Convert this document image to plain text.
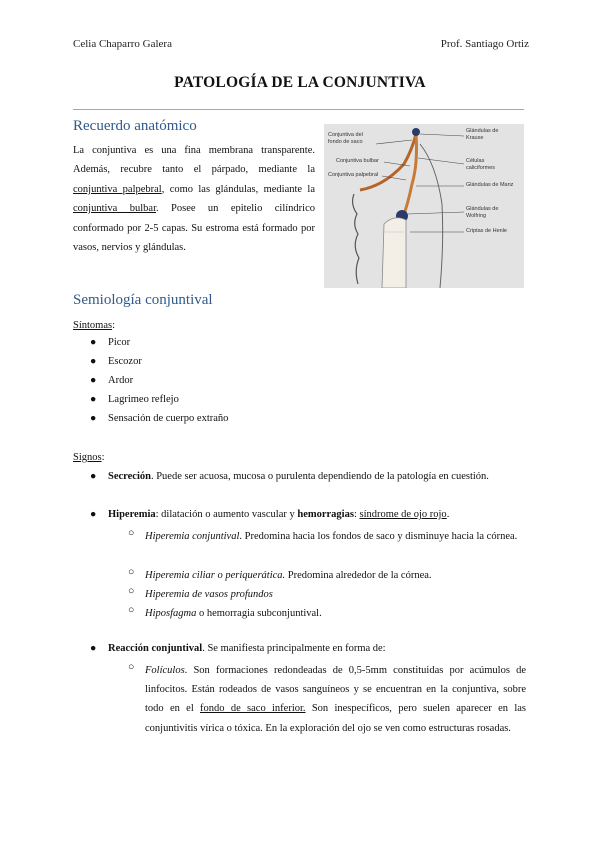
Celia Chaparro Galera	Prof. Santiago Ortiz
PATOLOGÍA DE LA CONJUNTIVA
Recuerdo anatómico
La conjuntiva es una fina membrana transparente. Además, recubre tanto el párpado, mediante la conjuntiva palpebral, como las glándulas, mediante la conjuntiva bulbar. Posee un epitelio cilíndrico conformado por 2-5 capas. Su estroma está formado por vasos, nervios y glándulas.
Conjuntiva del fondo de saco
Conjuntiva bulbar
Conjuntiva palpebral
Glándulas de Krause
Células caliciformes
Glándulas de Manz
Glándulas de Wolfring
Criptas de Henle
Semiología conjuntival
Síntomas:
● Picor
● Escozor
● Ardor
● Lagrimeo reflejo
● Sensación de cuerpo extraño
Signos:
● Secreción. Puede ser acuosa, mucosa o purulenta dependiendo de la patología en cuestión.
● Hiperemia: dilatación o aumento vascular y hemorragias: síndrome de ojo rojo.
○ Hiperemia conjuntival. Predomina hacia los fondos de saco y disminuye hacia la córnea.
○ Hiperemia ciliar o periquerática. Predomina alrededor de la córnea.
○ Hiperemia de vasos profundos
○ Hiposfagma o hemorragia subconjuntival.
● Reacción conjuntival. Se manifiesta principalmente en forma de:
○ Folículos. Son formaciones redondeadas de 0,5-5mm constituidas por acúmulos de linfocitos. Están rodeados de vasos sanguíneos y se encuentran en la conjuntiva, sobre todo en el fondo de saco inferior. Son inespecíficos, pero suelen aparecer en las conjuntivitis vírica o tóxica. En la exploración del ojo se ven como estructuras rosadas.
